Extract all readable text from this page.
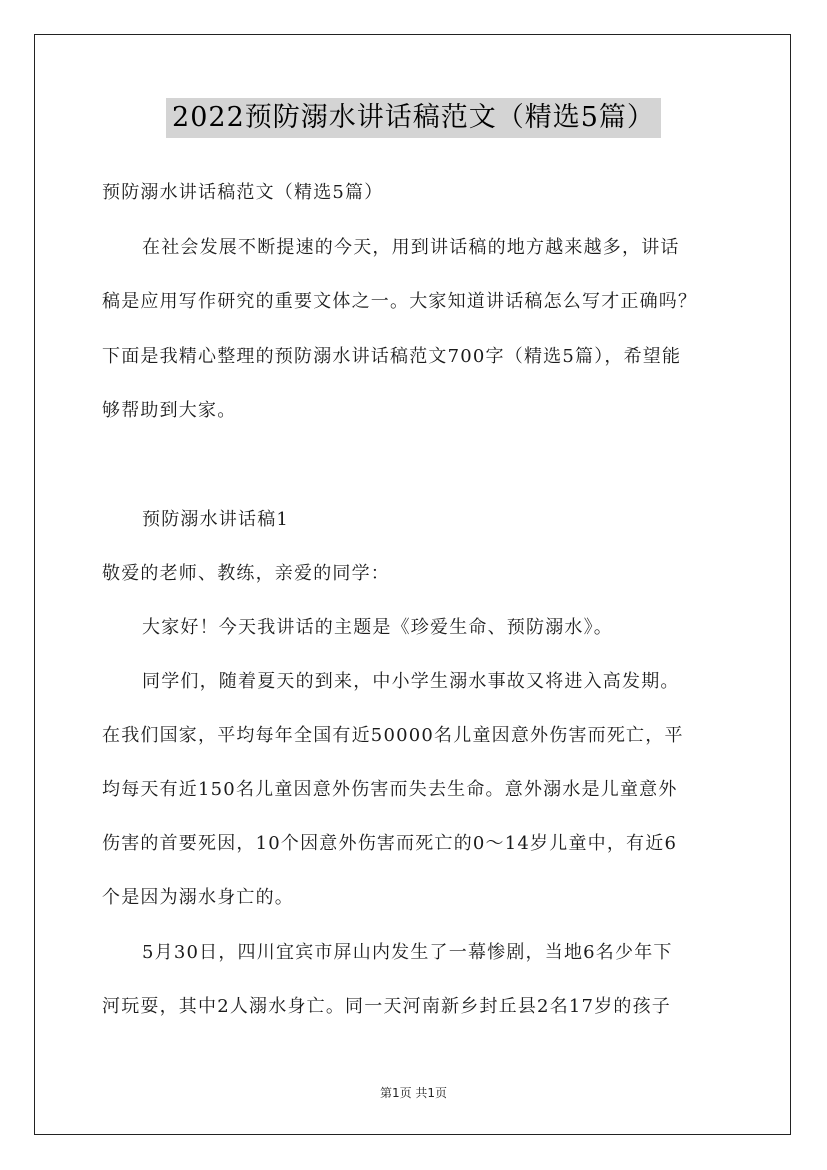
2022预防溺水讲话稿范文（精选5篇）
预防溺水讲话稿范文（精选5篇）
在社会发展不断提速的今天，用到讲话稿的地方越来越多，讲话
稿是应用写作研究的重要文体之一。大家知道讲话稿怎么写才正确吗？
下面是我精心整理的预防溺水讲话稿范文700字（精选5篇），希望能
够帮助到大家。
预防溺水讲话稿1
敬爱的老师、教练，亲爱的同学：
大家好！今天我讲话的主题是《珍爱生命、预防溺水》。
同学们，随着夏天的到来，中小学生溺水事故又将进入高发期。
在我们国家，平均每年全国有近50000名儿童因意外伤害而死亡，平
均每天有近150名儿童因意外伤害而失去生命。意外溺水是儿童意外
伤害的首要死因，10个因意外伤害而死亡的0～14岁儿童中，有近6
个是因为溺水身亡的。
5月30日，四川宜宾市屏山内发生了一幕惨剧，当地6名少年下
河玩耍，其中2人溺水身亡。同一天河南新乡封丘县2名17岁的孩子
第1页 共1页
